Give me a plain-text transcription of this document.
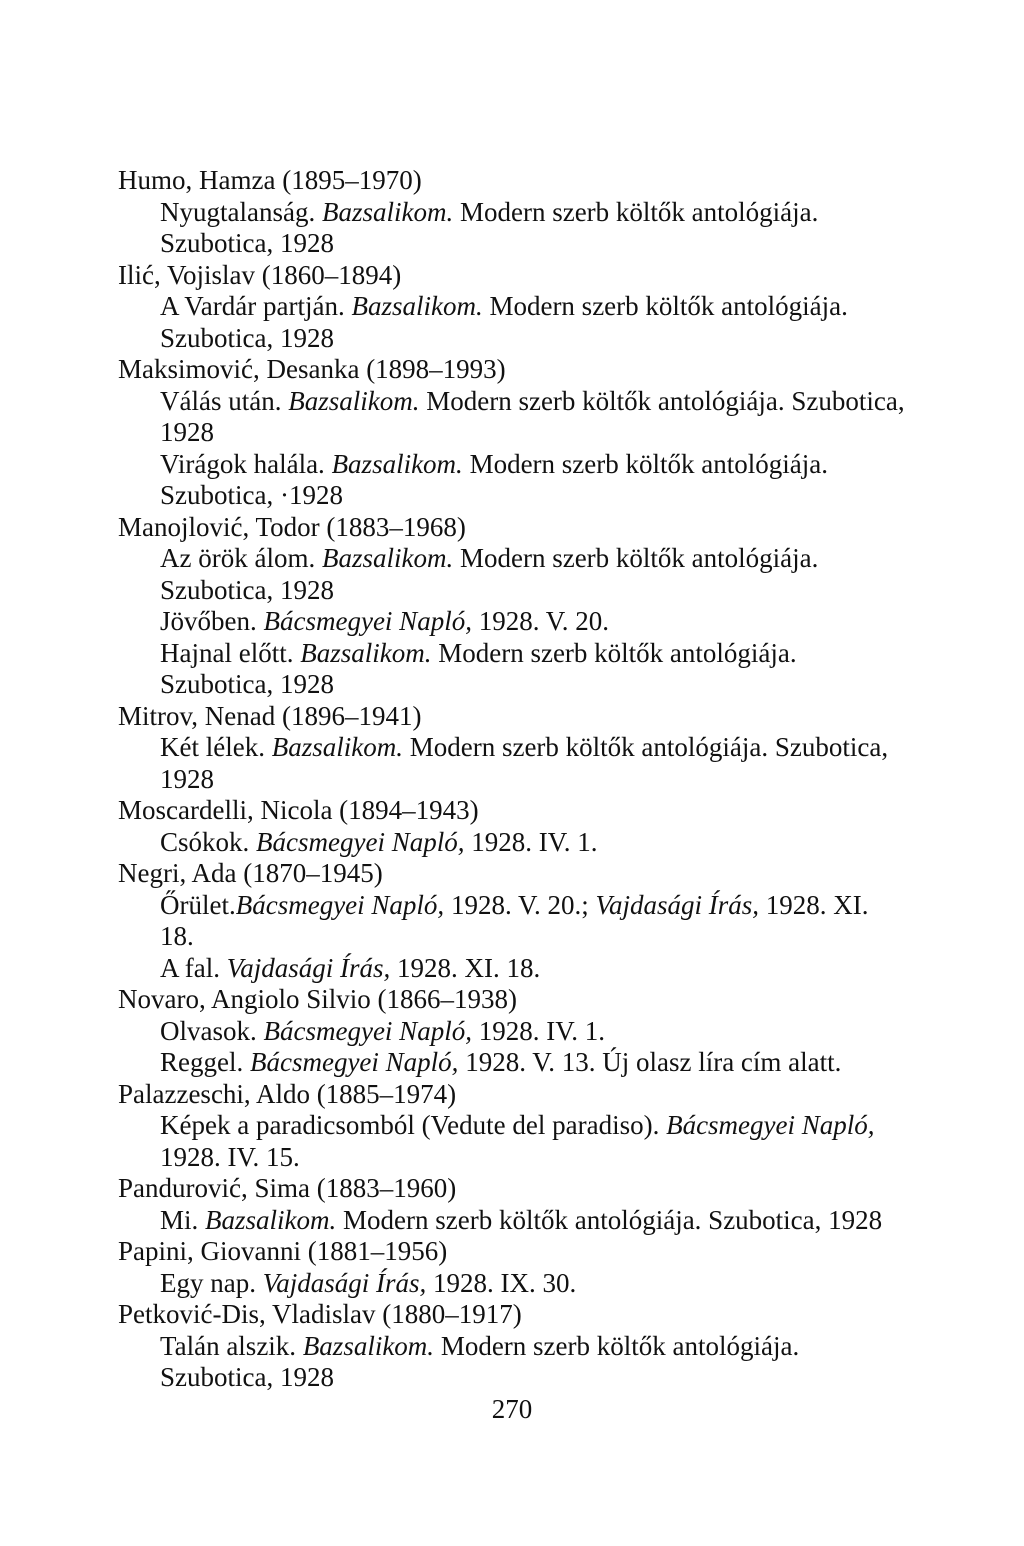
Humo, Hamza (1895–1970)

Nyugtalanság. Bazsalikom. Modern szerb költők antológiája. Szubotica, 1928

Ilić, Vojislav (1860–1894)

A Vardár partján. Bazsalikom. Modern szerb költők antológiája. Szubotica, 1928

Maksimović, Desanka (1898–1993)

Válás után. Bazsalikom. Modern szerb költők antológiája. Szubotica, 1928

Virágok halála. Bazsalikom. Modern szerb költők antológiája. Szubotica, ·1928

Manojlović, Todor (1883–1968)

Az örök álom. Bazsalikom. Modern szerb költők antológiája. Szubotica, 1928

Jövőben. Bácsmegyei Napló, 1928. V. 20.

Hajnal előtt. Bazsalikom. Modern szerb költők antológiája. Szubotica, 1928

Mitrov, Nenad (1896–1941)

Két lélek. Bazsalikom. Modern szerb költők antológiája. Szubotica, 1928

Moscardelli, Nicola (1894–1943)

Csókok. Bácsmegyei Napló, 1928. IV. 1.

Negri, Ada (1870–1945)

Őrület.Bácsmegyei Napló, 1928. V. 20.; Vajdasági Írás, 1928. XI. 18.

A fal. Vajdasági Írás, 1928. XI. 18.

Novaro, Angiolo Silvio (1866–1938)

Olvasok. Bácsmegyei Napló, 1928. IV. 1.

Reggel. Bácsmegyei Napló, 1928. V. 13. Új olasz líra cím alatt.

Palazzeschi, Aldo (1885–1974)

Képek a paradicsomból (Vedute del paradiso). Bácsmegyei Napló, 1928. IV. 15.

Pandurović, Sima (1883–1960)

Mi. Bazsalikom. Modern szerb költők antológiája. Szubotica, 1928

Papini, Giovanni (1881–1956)

Egy nap. Vajdasági Írás, 1928. IX. 30.

Petković-Dis, Vladislav (1880–1917)

Talán alszik. Bazsalikom. Modern szerb költők antológiája. Szubotica, 1928

270
